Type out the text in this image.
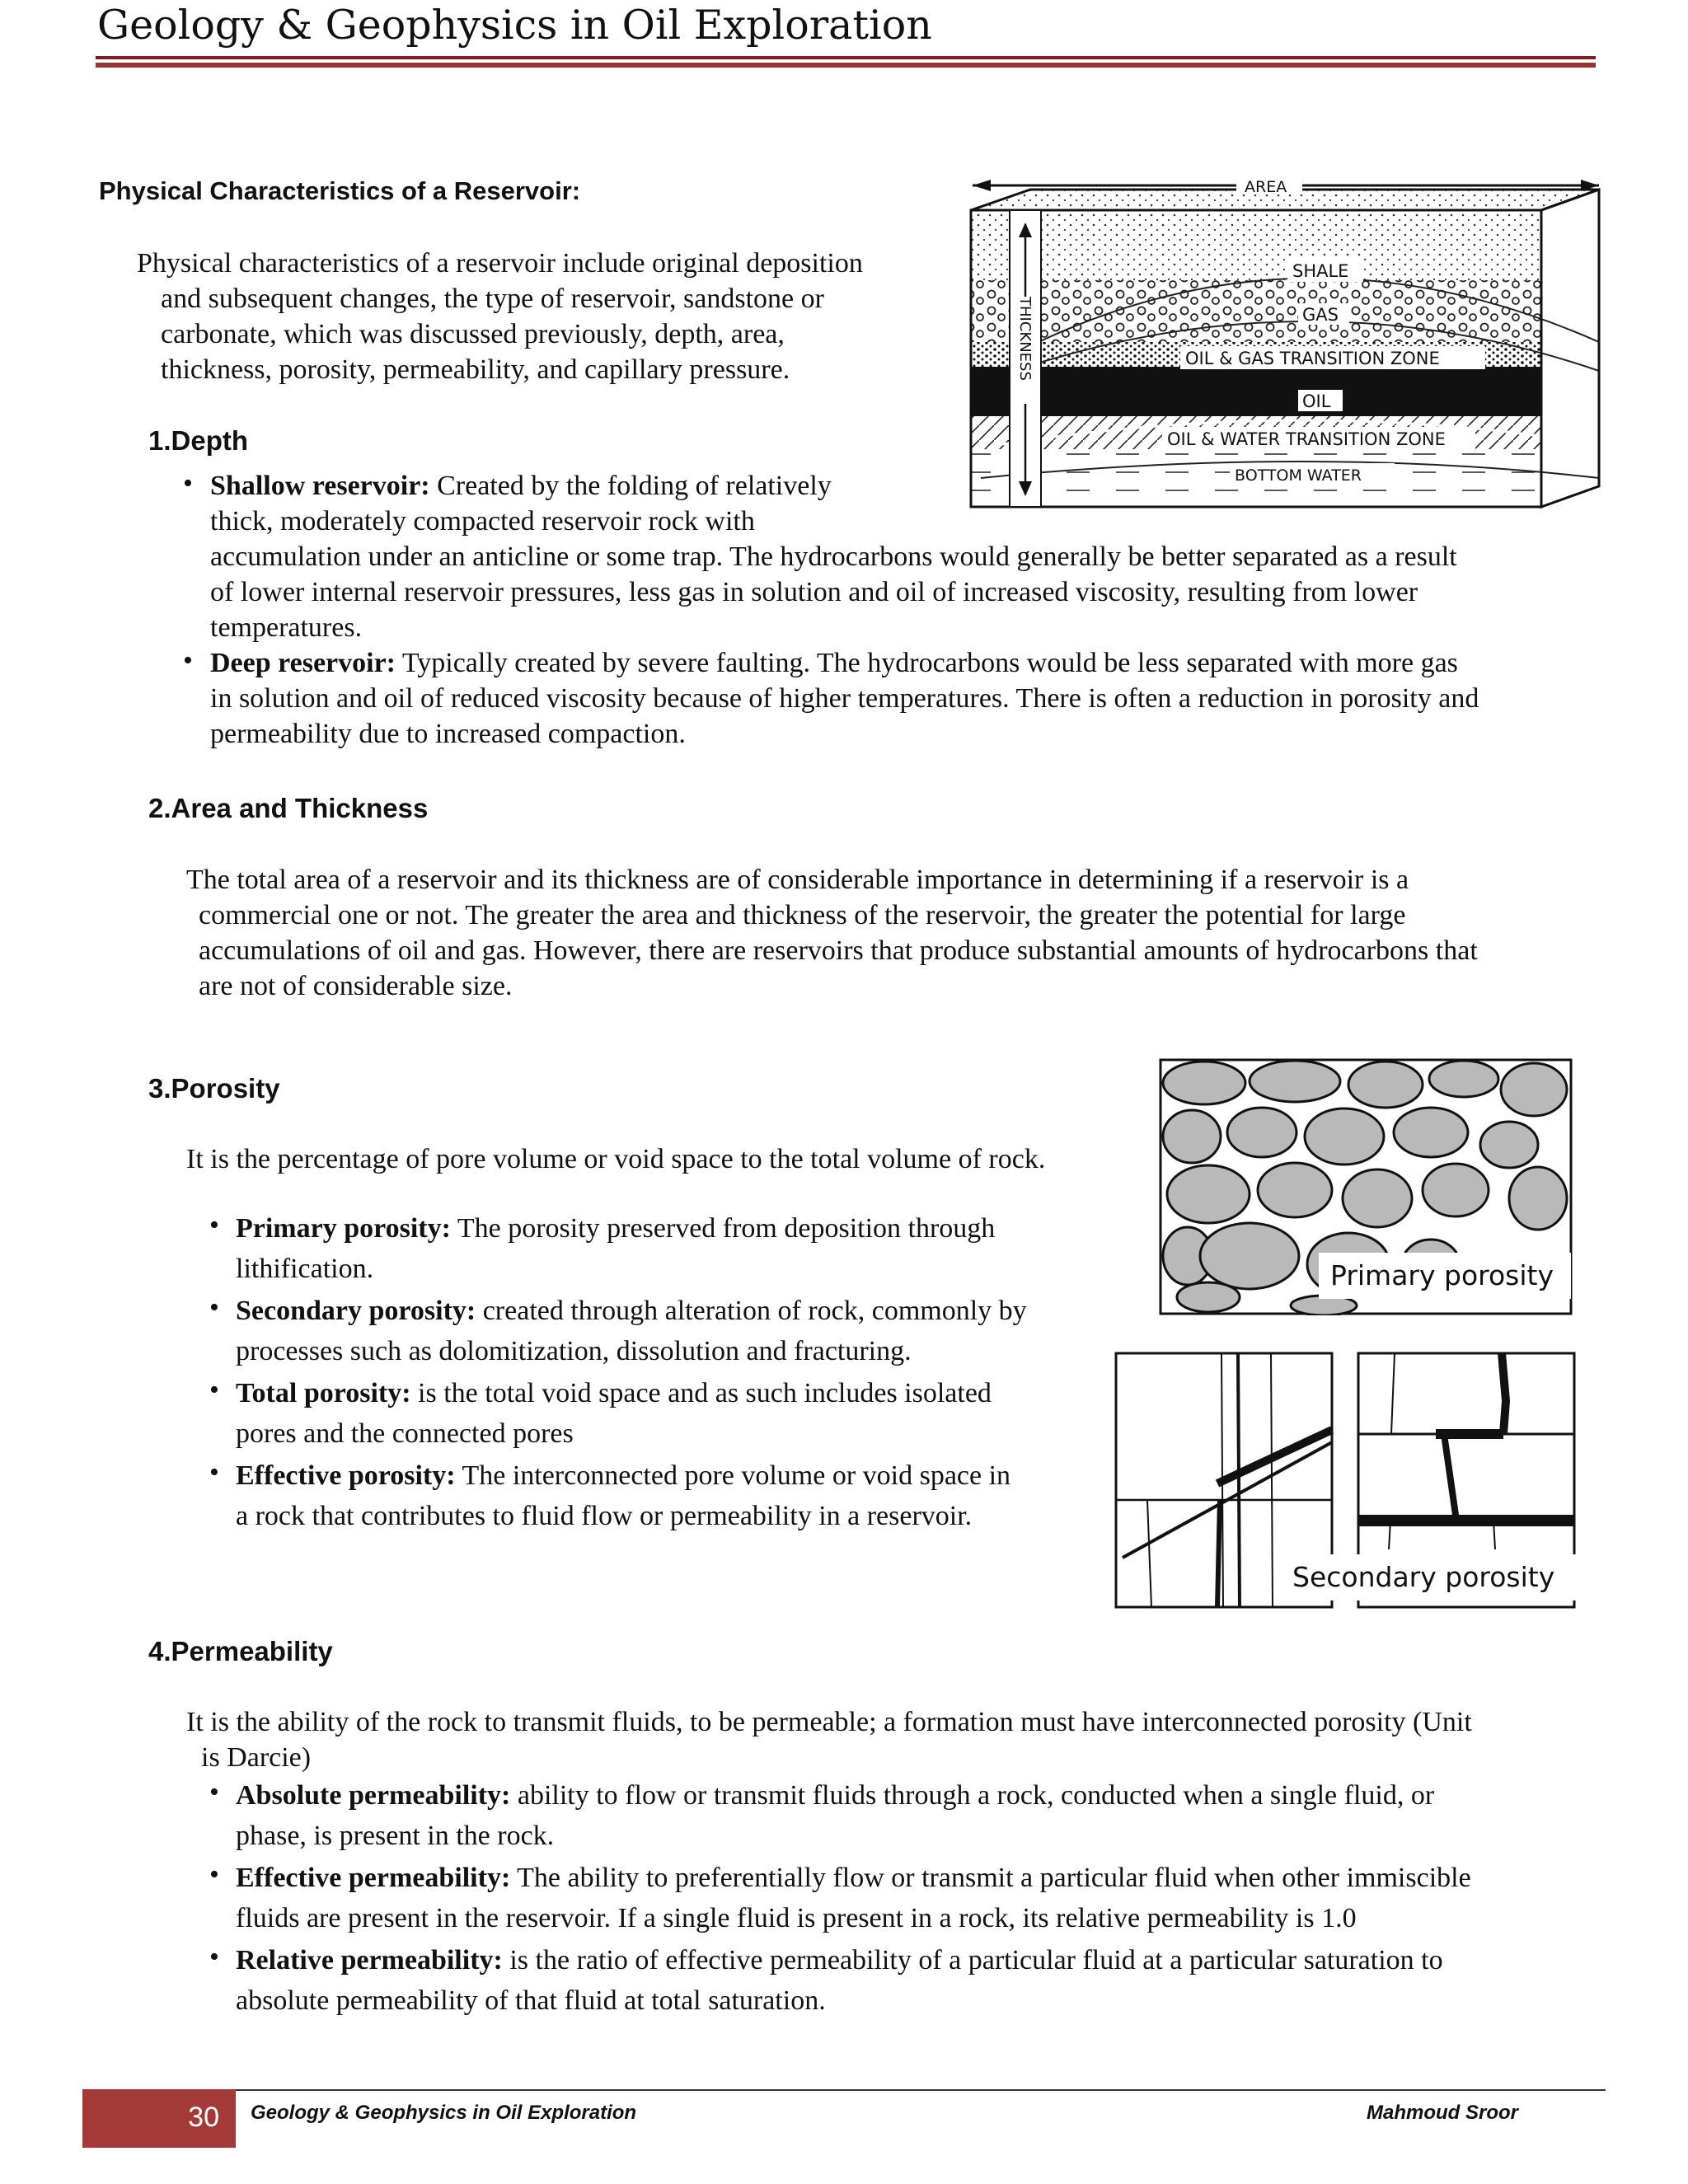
Geology & Geophysics in Oil Exploration
Physical Characteristics of a Reservoir:
Physical characteristics of a reservoir include original deposition
and subsequent changes, the type of reservoir, sandstone or
carbonate, which was discussed previously, depth, area,
thickness, porosity, permeability, and capillary pressure.
1.Depth
• Shallow reservoir: Created by the folding of relatively
thick, moderately compacted reservoir rock with
accumulation under an anticline or some trap. The hydrocarbons would generally be better separated as a result
of lower internal reservoir pressures, less gas in solution and oil of increased viscosity, resulting from lower
temperatures.
• Deep reservoir: Typically created by severe faulting. The hydrocarbons would be less separated with more gas
in solution and oil of reduced viscosity because of higher temperatures. There is often a reduction in porosity and
permeability due to increased compaction.
2.Area and Thickness
The total area of a reservoir and its thickness are of considerable importance in determining if a reservoir is a
commercial one or not. The greater the area and thickness of the reservoir, the greater the potential for large
accumulations of oil and gas. However, there are reservoirs that produce substantial amounts of hydrocarbons that
are not of considerable size.
3.Porosity
It is the percentage of pore volume or void space to the total volume of rock.
• Primary porosity: The porosity preserved from deposition through
lithification.
• Secondary porosity: created through alteration of rock, commonly by
processes such as dolomitization, dissolution and fracturing.
• Total porosity: is the total void space and as such includes isolated
pores and the connected pores
• Effective porosity: The interconnected pore volume or void space in
a rock that contributes to fluid flow or permeability in a reservoir.
4.Permeability
It is the ability of the rock to transmit fluids, to be permeable; a formation must have interconnected porosity (Unit
is Darcie)
• Absolute permeability: ability to flow or transmit fluids through a rock, conducted when a single fluid, or
phase, is present in the rock.
• Effective permeability: The ability to preferentially flow or transmit a particular fluid when other immiscible
fluids are present in the reservoir. If a single fluid is present in a rock, its relative permeability is 1.0
• Relative permeability: is the ratio of effective permeability of a particular fluid at a particular saturation to
absolute permeability of that fluid at total saturation.
THICKNESS
AREA
SHALE
GAS
OIL & GAS TRANSITION ZONE
OIL
OIL & WATER TRANSITION ZONE
BOTTOM WATER
Primary porosity
Secondary porosity
30 Geology & Geophysics in Oil Exploration	Mahmoud Sroor
